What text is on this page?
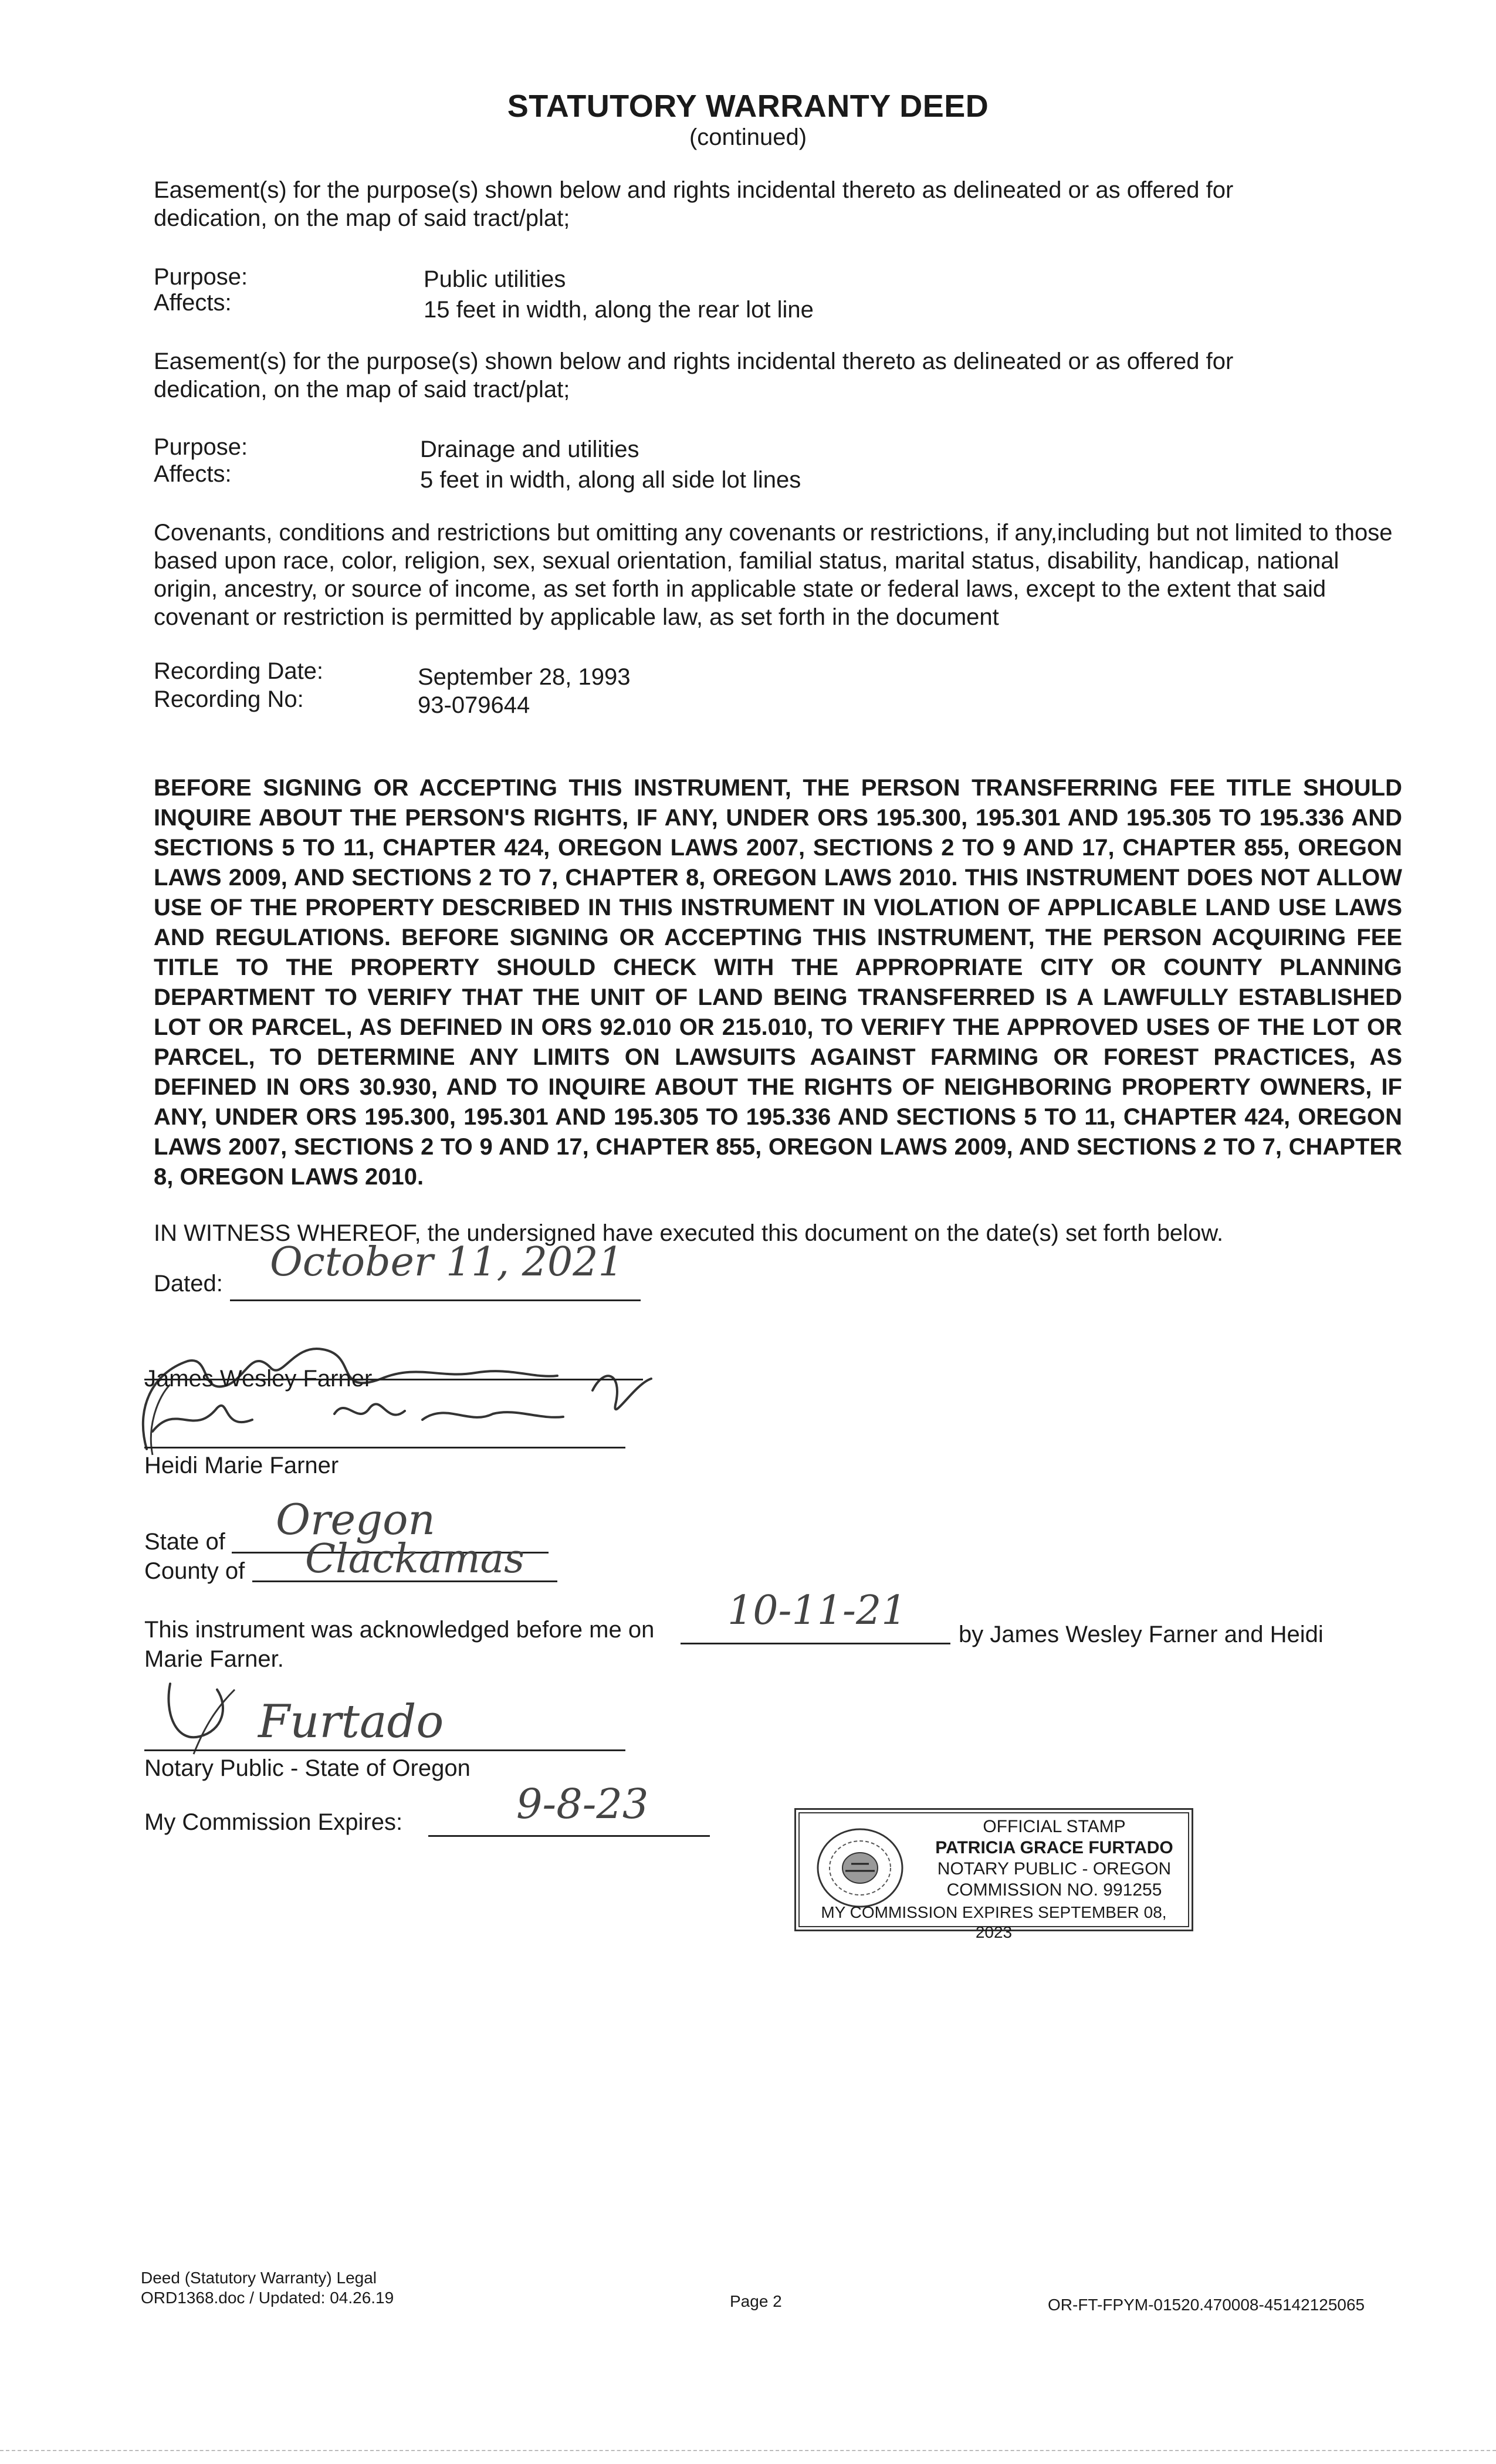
STATUTORY WARRANTY DEED
(continued)
Easement(s) for the purpose(s) shown below and rights incidental thereto as delineated or as offered for dedication, on the map of said tract/plat;
Purpose:	Public utilities
Affects:	15 feet in width, along the rear lot line
Easement(s) for the purpose(s) shown below and rights incidental thereto as delineated or as offered for dedication, on the map of said tract/plat;
Purpose:	Drainage and utilities
Affects:	5 feet in width, along all side lot lines
Covenants, conditions and restrictions but omitting any covenants or restrictions, if any,including but not limited to those based upon race, color, religion, sex, sexual orientation, familial status, marital status, disability, handicap, national origin, ancestry, or source of income, as set forth in applicable state or federal laws, except to the extent that said covenant or restriction is permitted by applicable law, as set forth in the document
Recording Date:	September 28, 1993
Recording No:	93-079644
BEFORE SIGNING OR ACCEPTING THIS INSTRUMENT, THE PERSON TRANSFERRING FEE TITLE SHOULD INQUIRE ABOUT THE PERSON'S RIGHTS, IF ANY, UNDER ORS 195.300, 195.301 AND 195.305 TO 195.336 AND SECTIONS 5 TO 11, CHAPTER 424, OREGON LAWS 2007, SECTIONS 2 TO 9 AND 17, CHAPTER 855, OREGON LAWS 2009, AND SECTIONS 2 TO 7, CHAPTER 8, OREGON LAWS 2010. THIS INSTRUMENT DOES NOT ALLOW USE OF THE PROPERTY DESCRIBED IN THIS INSTRUMENT IN VIOLATION OF APPLICABLE LAND USE LAWS AND REGULATIONS. BEFORE SIGNING OR ACCEPTING THIS INSTRUMENT, THE PERSON ACQUIRING FEE TITLE TO THE PROPERTY SHOULD CHECK WITH THE APPROPRIATE CITY OR COUNTY PLANNING DEPARTMENT TO VERIFY THAT THE UNIT OF LAND BEING TRANSFERRED IS A LAWFULLY ESTABLISHED LOT OR PARCEL, AS DEFINED IN ORS 92.010 OR 215.010, TO VERIFY THE APPROVED USES OF THE LOT OR PARCEL, TO DETERMINE ANY LIMITS ON LAWSUITS AGAINST FARMING OR FOREST PRACTICES, AS DEFINED IN ORS 30.930, AND TO INQUIRE ABOUT THE RIGHTS OF NEIGHBORING PROPERTY OWNERS, IF ANY, UNDER ORS 195.300, 195.301 AND 195.305 TO 195.336 AND SECTIONS 5 TO 11, CHAPTER 424, OREGON LAWS 2007, SECTIONS 2 TO 9 AND 17, CHAPTER 855, OREGON LAWS 2009, AND SECTIONS 2 TO 7, CHAPTER 8, OREGON LAWS 2010.
IN WITNESS WHEREOF, the undersigned have executed this document on the date(s) set forth below.
Dated: October 11, 2021
James Wesley Farner
Heidi Marie Farner
State of Oregon
County of Clackamas
This instrument was acknowledged before me on 10-11-21
by James Wesley Farner and Heidi
Marie Farner.
Furtado
Notary Public - State of Oregon
My Commission Expires:	9-8-23	OFFICIAL STAMP
PATRICIA GRACE FURTADO
NOTARY PUBLIC - OREGON
COMMISSION NO. 991255
MY COMMISSION EXPIRES SEPTEMBER 08, 2023
Deed (Statutory Warranty) Legal
ORD1368.doc / Updated: 04.26.19	Page 2	OR-FT-FPYM-01520.470008-45142125065
